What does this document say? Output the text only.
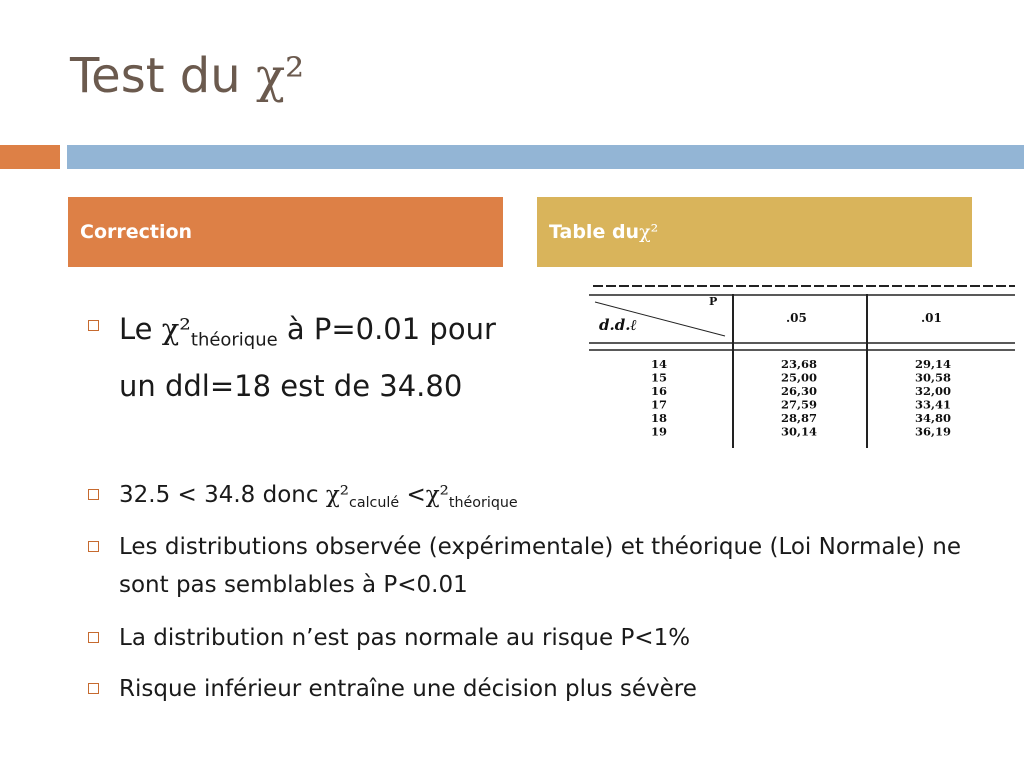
Test du χ²
Correction	Table du χ²
Le $\chi^2_{théorique}$ à P=0.01 pour un ddl=18 est de 34.80
32.5 < 34.8 donc $\chi^2_{calculé} <\chi^2_{théorique}$
Les distributions observée (expérimentale) et théorique (Loi Normale) ne sont pas semblables à P<0.01
La distribution n’est pas normale au risque P<1%
Risque inférieur entraîne une décision plus sévère
P
d.d.ℓ	.05	.01
14	23,68	29,14
15	25,00	30,58
16	26,30	32,00
17	27,59	33,41
18	28,87	34,80
19	30,14	36,19
